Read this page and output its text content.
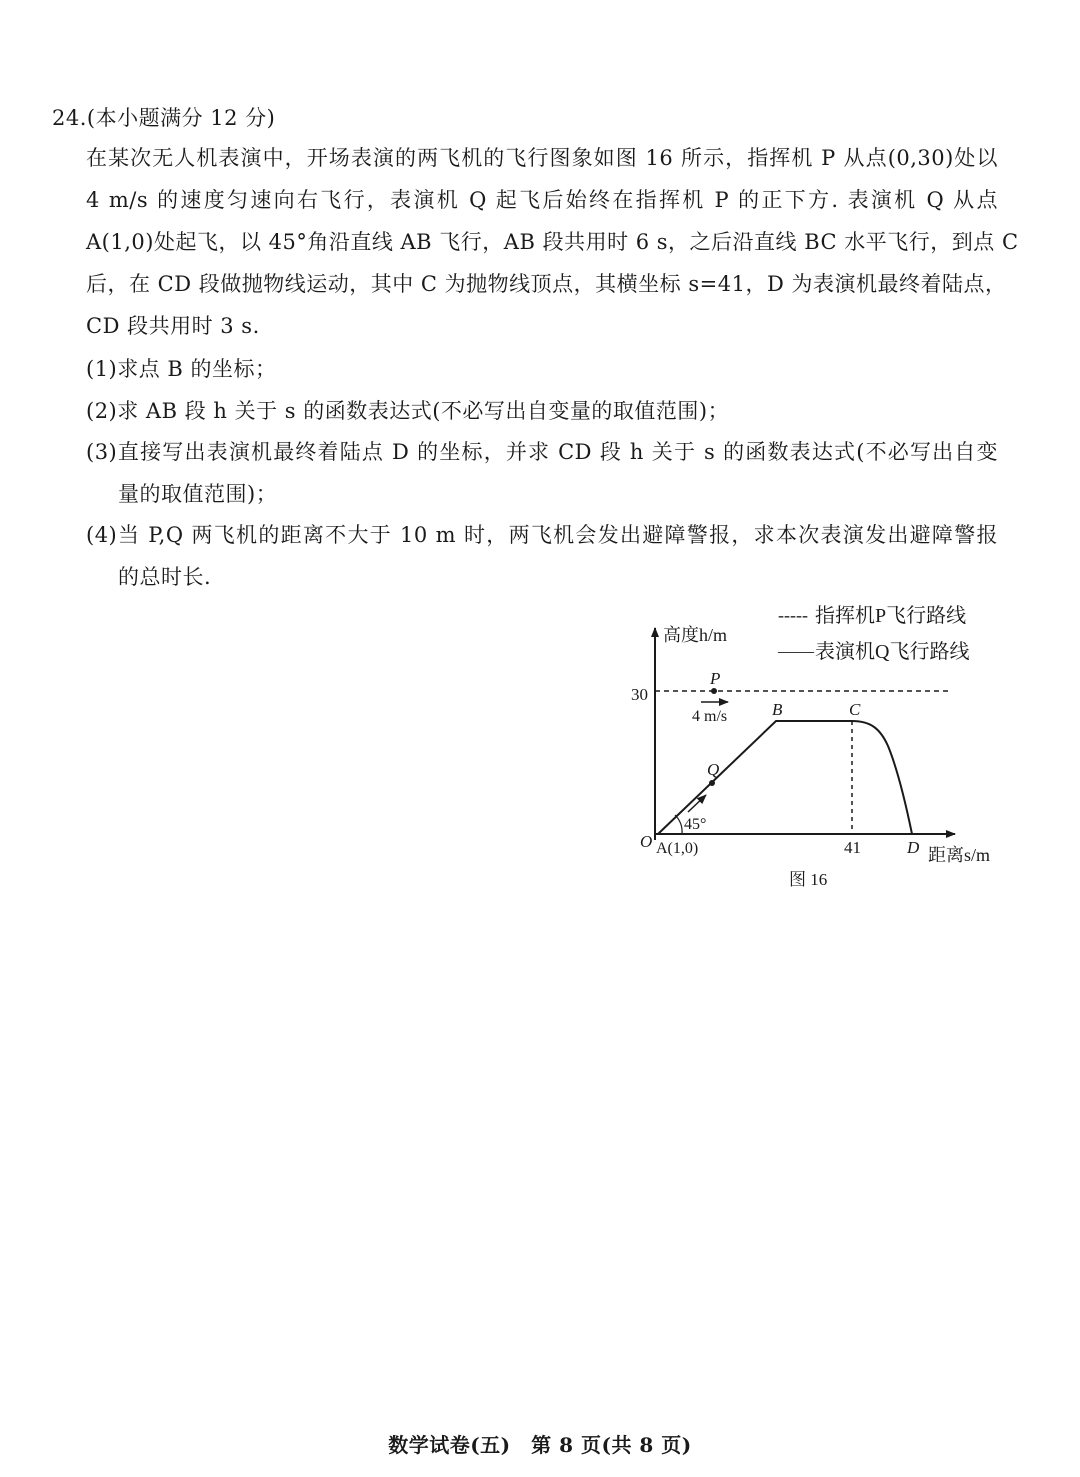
24.(本小题满分 12 分)
在某次无人机表演中，开场表演的两飞机的飞行图象如图 16 所示，指挥机 P 从点(0,30)处以
4 m/s 的速度匀速向右飞行，表演机 Q 起飞后始终在指挥机 P 的正下方. 表演机 Q 从点
A(1,0)处起飞，以 45°角沿直线 AB 飞行，AB 段共用时 6 s，之后沿直线 BC 水平飞行，到点 C
后，在 CD 段做抛物线运动，其中 C 为抛物线顶点，其横坐标 s=41，D 为表演机最终着陆点，
CD 段共用时 3 s.
(1)求点 B 的坐标；
(2)求 AB 段 h 关于 s 的函数表达式(不必写出自变量的取值范围)；
(3)直接写出表演机最终着陆点 D 的坐标，并求 CD 段 h 关于 s 的函数表达式(不必写出自变
量的取值范围)；
(4)当 P,Q 两飞机的距离不大于 10 m 时，两飞机会发出避障警报，求本次表演发出避障警报
的总时长.
----- 指挥机P飞行路线
—— 表演机Q飞行路线
高度h/m
距离s/m
30
P
4 m/s	B	C
Q
45°
O A(1,0)	41	D
图 16
数学试卷(五)　第 8 页(共 8 页)
